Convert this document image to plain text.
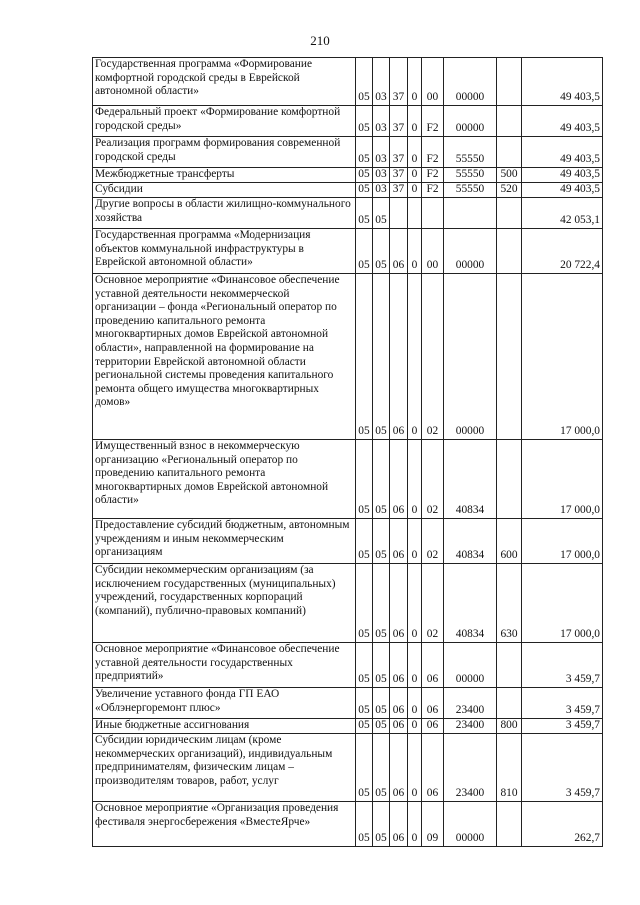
210
Государственная программа «Формирование комфортной городской среды в Еврейской автономной области»	05	03	37	0	00	00000		49 403,5
Федеральный проект «Формирование комфортной городской среды»	05	03	37	0	F2	00000		49 403,5
Реализация программ формирования современной городской среды	05	03	37	0	F2	55550		49 403,5
Межбюджетные трансферты	05	03	37	0	F2	55550	500	49 403,5
Субсидии	05	03	37	0	F2	55550	520	49 403,5
Другие вопросы в области жилищно-коммунального хозяйства	05	05						42 053,1
Государственная программа «Модернизация объектов коммунальной инфраструктуры в Еврейской автономной области»	05	05	06	0	00	00000		20 722,4
Основное мероприятие «Финансовое обеспечение уставной деятельности некоммерческой организации – фонда «Региональный оператор по проведению капитального ремонта многоквартирных домов Еврейской автономной области», направленной на формирование на территории Еврейской автономной области региональной системы проведения капитального ремонта общего имущества многоквартирных домов»	05	05	06	0	02	00000		17 000,0
Имущественный взнос в некоммерческую организацию «Региональный оператор по проведению капитального ремонта многоквартирных домов Еврейской автономной области»	05	05	06	0	02	40834		17 000,0
Предоставление субсидий бюджетным, автономным учреждениям и иным некоммерческим организациям	05	05	06	0	02	40834	600	17 000,0
Субсидии некоммерческим организациям (за исключением государственных (муниципальных) учреждений, государственных корпораций (компаний), публично-правовых компаний)	05	05	06	0	02	40834	630	17 000,0
Основное мероприятие «Финансовое обеспечение уставной деятельности государственных предприятий»	05	05	06	0	06	00000		3 459,7
Увеличение уставного фонда ГП ЕАО «Облэнергоремонт плюс»	05	05	06	0	06	23400		3 459,7
Иные бюджетные ассигнования	05	05	06	0	06	23400	800	3 459,7
Субсидии юридическим лицам (кроме некоммерческих организаций), индивидуальным предпринимателям, физическим лицам – производителям товаров, работ, услуг	05	05	06	0	06	23400	810	3 459,7
Основное мероприятие «Организация проведения фестиваля энергосбережения «ВместеЯрче»	05	05	06	0	09	00000		262,7
